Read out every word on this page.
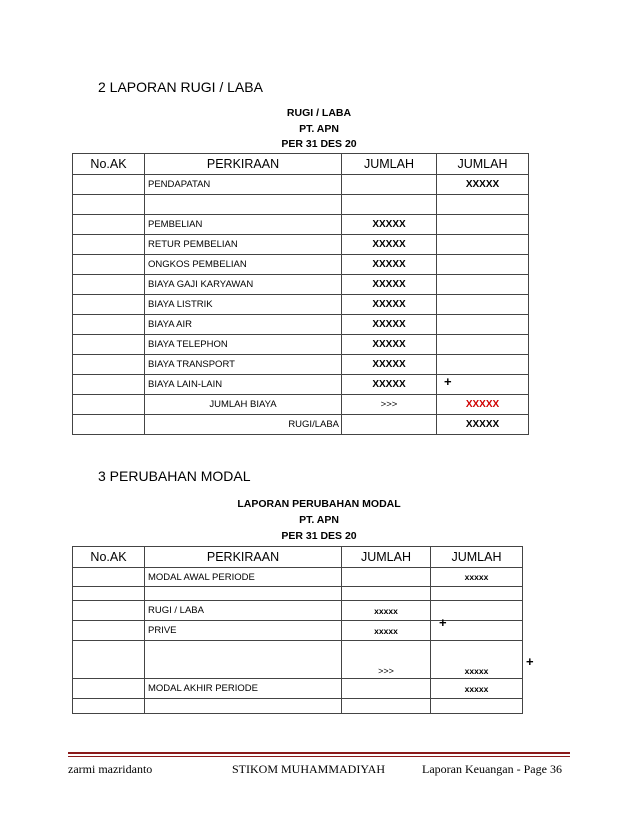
2 LAPORAN RUGI / LABA
RUGI / LABA
PT. APN
PER 31 DES 20
No.AK	PERKIRAAN	JUMLAH	JUMLAH
	PENDAPATAN		XXXXX

	PEMBELIAN	XXXXX	
	RETUR PEMBELIAN	XXXXX	
	ONGKOS PEMBELIAN	XXXXX	
	BIAYA GAJI KARYAWAN	XXXXX	
	BIAYA LISTRIK	XXXXX	
	BIAYA AIR	XXXXX	
	BIAYA TELEPHON	XXXXX	
	BIAYA TRANSPORT	XXXXX	
	BIAYA LAIN-LAIN	XXXXX	
	JUMLAH BIAYA	>>>	XXXXX
	RUGI/LABA		XXXXX
+
3 PERUBAHAN MODAL
LAPORAN PERUBAHAN MODAL
PT. APN
PER 31 DES 20
No.AK	PERKIRAAN	JUMLAH	JUMLAH
	MODAL AWAL PERIODE		xxxxx

	RUGI / LABA	xxxxx	
	PRIVE	xxxxx	
		>>>	xxxxx
	MODAL AKHIR PERIODE		xxxxx

+
+
zarmi mazridanto	STIKOM MUHAMMADIYAH	Laporan Keuangan - Page 36
